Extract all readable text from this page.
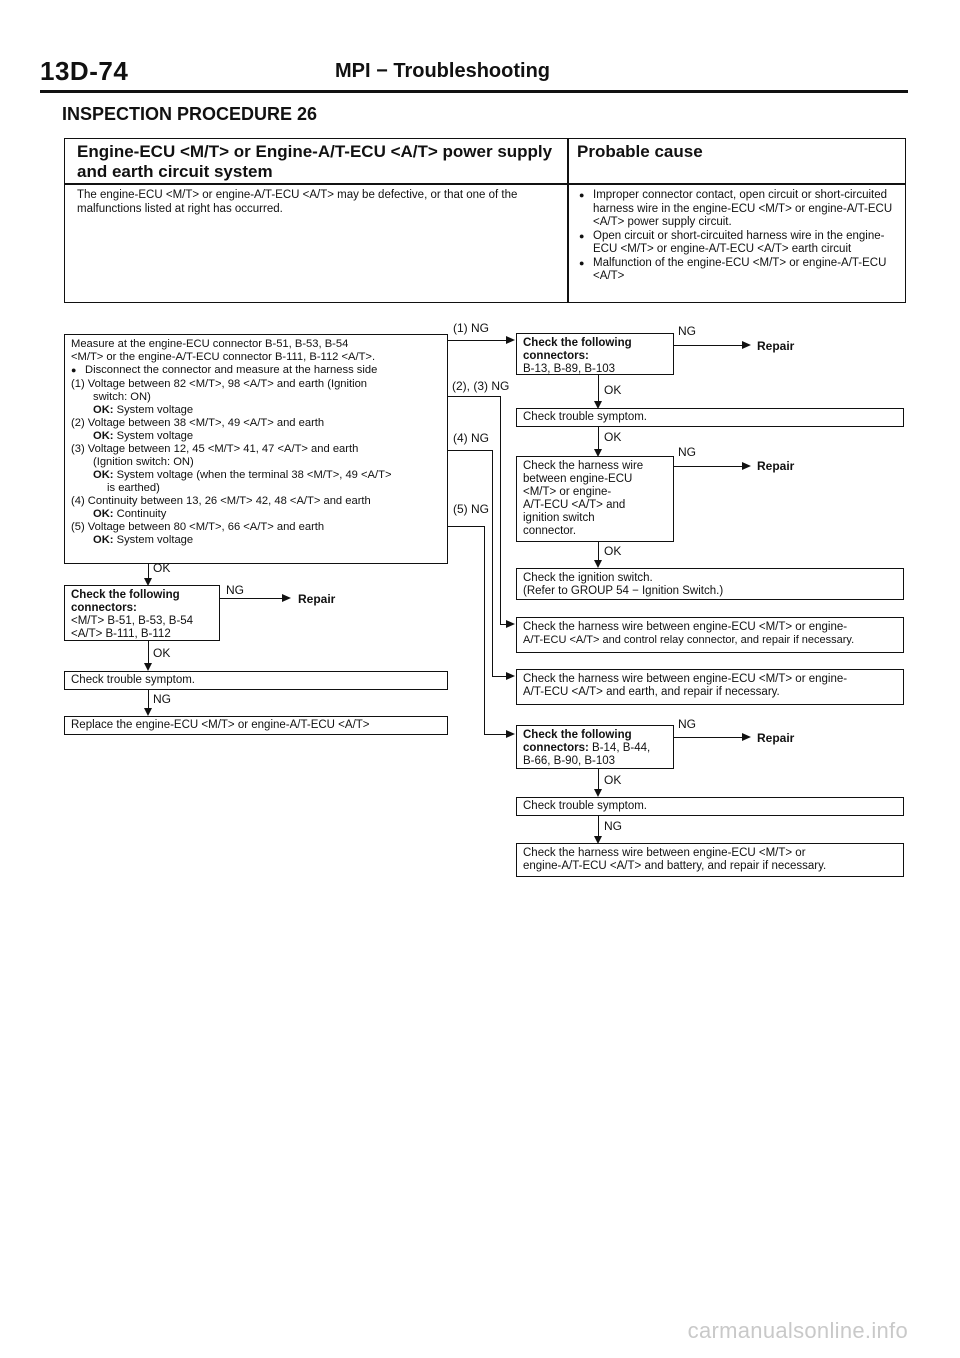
13D-74	MPI − Troubleshooting
INSPECTION PROCEDURE 26
Engine-ECU <M/T> or Engine-A/T-ECU <A/T> power supply and earth circuit system
Probable cause
The engine-ECU <M/T> or engine-A/T-ECU <A/T> may be defective, or that one of the malfunctions listed at right has occurred.
● Improper connector contact, open circuit or short-circuited harness wire in the engine-ECU <M/T> or engine-A/T-ECU <A/T> power supply circuit.
● Open circuit or short-circuited harness wire in the engine-ECU <M/T> or engine-A/T-ECU <A/T> earth circuit
● Malfunction of the engine-ECU <M/T> or engine-A/T-ECU <A/T>
Measure at the engine-ECU connector B-51, B-53, B-54
<M/T> or the engine-A/T-ECU connector B-111, B-112 <A/T>.
● Disconnect the connector and measure at the harness side
(1) Voltage between 82 <M/T>, 98 <A/T> and earth (Ignition
switch: ON)
OK: System voltage
(2) Voltage between 38 <M/T>, 49 <A/T> and earth
OK: System voltage
(3) Voltage between 12, 45 <M/T> 41, 47 <A/T> and earth
(Ignition switch: ON)
OK: System voltage (when the terminal 38 <M/T>, 49 <A/T>
is earthed)
(4) Continuity between 13, 26 <M/T> 42, 48 <A/T> and earth
OK: Continuity
(5) Voltage between 80 <M/T>, 66 <A/T> and earth
OK: System voltage
OK
Check the following
connectors:
<M/T> B-51, B-53, B-54
<A/T> B-111, B-112
NG
Repair
OK
Check trouble symptom.
NG
Replace the engine-ECU <M/T> or engine-A/T-ECU <A/T>
(1) NG
(2), (3) NG
(4) NG
(5) NG
Check the following
connectors:
B-13, B-89, B-103
NG
Repair
OK
Check trouble symptom.
OK
Check the harness wire
between engine-ECU
<M/T> or engine-
A/T-ECU <A/T> and
ignition switch
connector.
NG
Repair
OK
Check the ignition switch.
(Refer to GROUP 54 − Ignition Switch.)
Check the harness wire between engine-ECU <M/T> or engine-
A/T-ECU <A/T> and control relay connector, and repair if necessary.
Check the harness wire between engine-ECU <M/T> or engine-
A/T-ECU <A/T> and earth, and repair if necessary.
Check the following
connectors: B-14, B-44,
B-66, B-90, B-103
NG
Repair
OK
Check trouble symptom.
NG
Check the harness wire between engine-ECU <M/T> or
engine-A/T-ECU <A/T> and battery, and repair if necessary.
carmanualsonline.info
